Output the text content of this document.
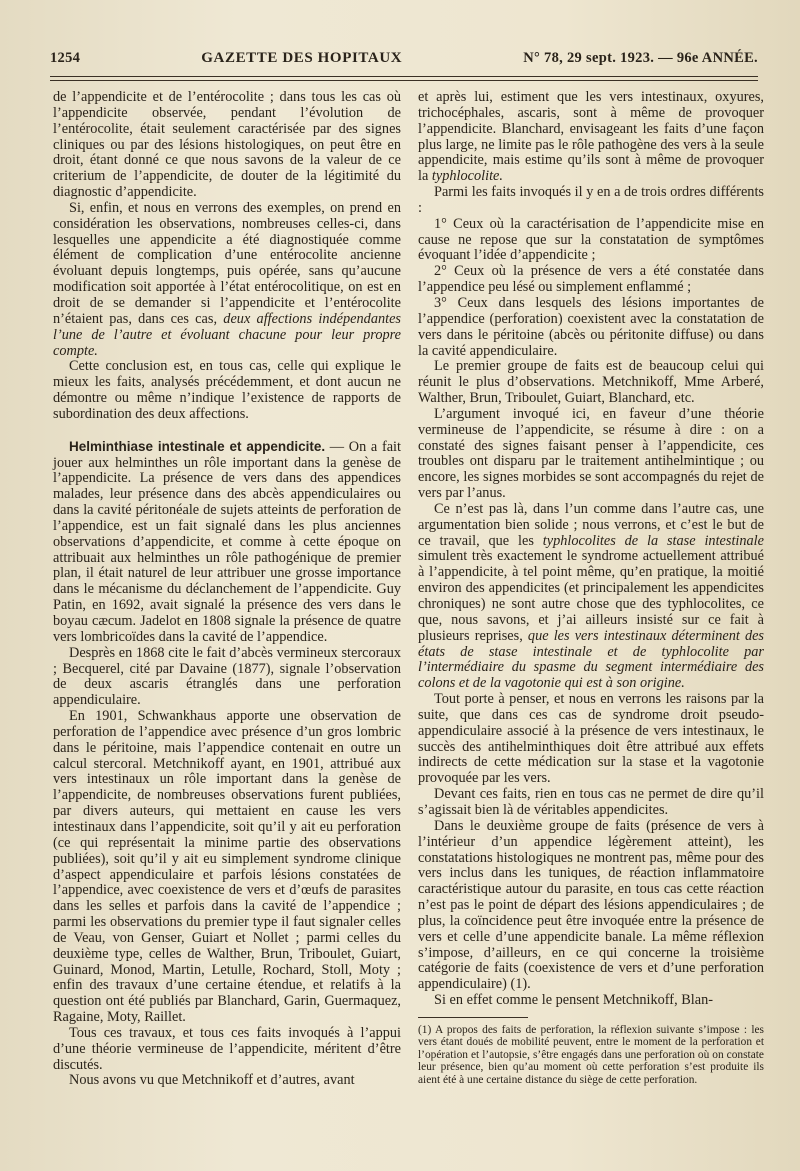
1254	GAZETTE DES HOPITAUX	N° 78, 29 sept. 1923. — 96e ANNÉE.

de l’appendicite et de l’entérocolite ; dans tous les cas où l’appendicite observée, pendant l’évolution de l’entérocolite, était seulement caractérisée par des signes cliniques ou par des lésions histologiques, on peut être en droit, étant donné ce que nous savons de la valeur de ce criterium de l’appendicite, de douter de la légitimité du diagnostic d’appendicite.

Si, enfin, et nous en verrons des exemples, on prend en considération les observations, nombreuses celles-ci, dans lesquelles une appendicite a été diagnostiquée comme élément de complication d’une entérocolite ancienne évoluant depuis longtemps, puis opérée, sans qu’aucune modification soit apportée à l’état entérocolitique, on est en droit de se demander si l’appendicite et l’entérocolite n’étaient pas, dans ces cas, deux affections indépendantes l’une de l’autre et évoluant chacune pour leur propre compte.

Cette conclusion est, en tous cas, celle qui explique le mieux les faits, analysés précédemment, et dont aucun ne démontre ou même n’indique l’existence de rapports de subordination des deux affections.

Helminthiase intestinale et appendicite. — On a fait jouer aux helminthes un rôle important dans la genèse de l’appendicite. La présence de vers dans des appendices malades, leur présence dans des abcès appendiculaires ou dans la cavité péritonéale de sujets atteints de perforation de l’appendice, est un fait signalé dans les plus anciennes observations d’appendicite, et comme à cette époque on attribuait aux helminthes un rôle pathogénique de premier plan, il était naturel de leur attribuer une grosse importance dans le mécanisme du déclanchement de l’appendicite. Guy Patin, en 1692, avait signalé la présence des vers dans le boyau cæcum. Jadelot en 1808 signale la présence de quatre vers lombricoïdes dans la cavité de l’appendice.

Desprès en 1868 cite le fait d’abcès vermineux stercoraux ; Becquerel, cité par Davaine (1877), signale l’observation de deux ascaris étranglés dans une perforation appendiculaire.

En 1901, Schwankhaus apporte une observation de perforation de l’appendice avec présence d’un gros lombric dans le péritoine, mais l’appendice contenait en outre un calcul stercoral. Metchnikoff ayant, en 1901, attribué aux vers intestinaux un rôle important dans la genèse de l’appendicite, de nombreuses observations furent publiées, par divers auteurs, qui mettaient en cause les vers intestinaux dans l’appendicite, soit qu’il y ait eu perforation (ce qui représentait la minime partie des observations publiées), soit qu’il y ait eu simplement syndrome clinique d’aspect appendiculaire et parfois lésions constatées de l’appendice, avec coexistence de vers et d’œufs de parasites dans les selles et parfois dans la cavité de l’appendice ; parmi les observations du premier type il faut signaler celles de Veau, von Genser, Guiart et Nollet ; parmi celles du deuxième type, celles de Walther, Brun, Triboulet, Guiart, Guinard, Monod, Martin, Letulle, Rochard, Stoll, Moty ; enfin des travaux d’une certaine étendue, et relatifs à la question ont été publiés par Blanchard, Garin, Guermaquez, Ragaine, Moty, Raillet.

Tous ces travaux, et tous ces faits invoqués à l’appui d’une théorie vermineuse de l’appendicite, méritent d’être discutés.

Nous avons vu que Metchnikoff et d’autres, avant

et après lui, estiment que les vers intestinaux, oxyures, trichocéphales, ascaris, sont à même de provoquer l’appendicite. Blanchard, envisageant les faits d’une façon plus large, ne limite pas le rôle pathogène des vers à la seule appendicite, mais estime qu’ils sont à même de provoquer la typhlocolite.

Parmi les faits invoqués il y en a de trois ordres différents :

1° Ceux où la caractérisation de l’appendicite mise en cause ne repose que sur la constatation de symptômes évoquant l’idée d’appendicite ;

2° Ceux où la présence de vers a été constatée dans l’appendice peu lésé ou simplement enflammé ;

3° Ceux dans lesquels des lésions importantes de l’appendice (perforation) coexistent avec la constatation de vers dans le péritoine (abcès ou péritonite diffuse) ou dans la cavité appendiculaire.

Le premier groupe de faits est de beaucoup celui qui réunit le plus d’observations. Metchnikoff, Mme Arberé, Walther, Brun, Triboulet, Guiart, Blanchard, etc.

L’argument invoqué ici, en faveur d’une théorie vermineuse de l’appendicite, se résume à dire : on a constaté des signes faisant penser à l’appendicite, ces troubles ont disparu par le traitement antihelmintique ; ou encore, les signes morbides se sont accompagnés du rejet de vers par l’anus.

Ce n’est pas là, dans l’un comme dans l’autre cas, une argumentation bien solide ; nous verrons, et c’est le but de ce travail, que les typhlocolites de la stase intestinale simulent très exactement le syndrome actuellement attribué à l’appendicite, à tel point même, qu’en pratique, la moitié environ des appendicites (et principalement les appendicites chroniques) ne sont autre chose que des typhlocolites, ce que, nous savons, et j’ai ailleurs insisté sur ce fait à plusieurs reprises, que les vers intestinaux déterminent des états de stase intestinale et de typhlocolite par l’intermédiaire du spasme du segment intermédiaire des colons et de la vagotonie qui est à son origine.

Tout porte à penser, et nous en verrons les raisons par la suite, que dans ces cas de syndrome droit pseudo-appendiculaire associé à la présence de vers intestinaux, le succès des antihelminthiques doit être attribué aux effets indirects de cette médication sur la stase et la vagotonie provoquée par les vers.

Devant ces faits, rien en tous cas ne permet de dire qu’il s’agissait bien là de véritables appendicites.

Dans le deuxième groupe de faits (présence de vers à l’intérieur d’un appendice légèrement atteint), les constatations histologiques ne montrent pas, même pour des vers inclus dans les tuniques, de réaction inflammatoire caractéristique autour du parasite, en tous cas cette réaction n’est pas le point de départ des lésions appendiculaires ; de plus, la coïncidence peut être invoquée entre la présence de vers et celle d’une appendicite banale. La même réflexion s’impose, d’ailleurs, en ce qui concerne la troisième catégorie de faits (coexistence de vers et d’une perforation appendiculaire) (1).

Si en effet comme le pensent Metchnikoff, Blan-

(1) A propos des faits de perforation, la réflexion suivante s’impose : les vers étant doués de mobilité peuvent, entre le moment de la perforation et l’opération et l’autopsie, s’être engagés dans une perforation où on constate leur présence, bien qu’au moment où cette perforation s’est produite ils aient été à une certaine distance du siège de cette perforation.
